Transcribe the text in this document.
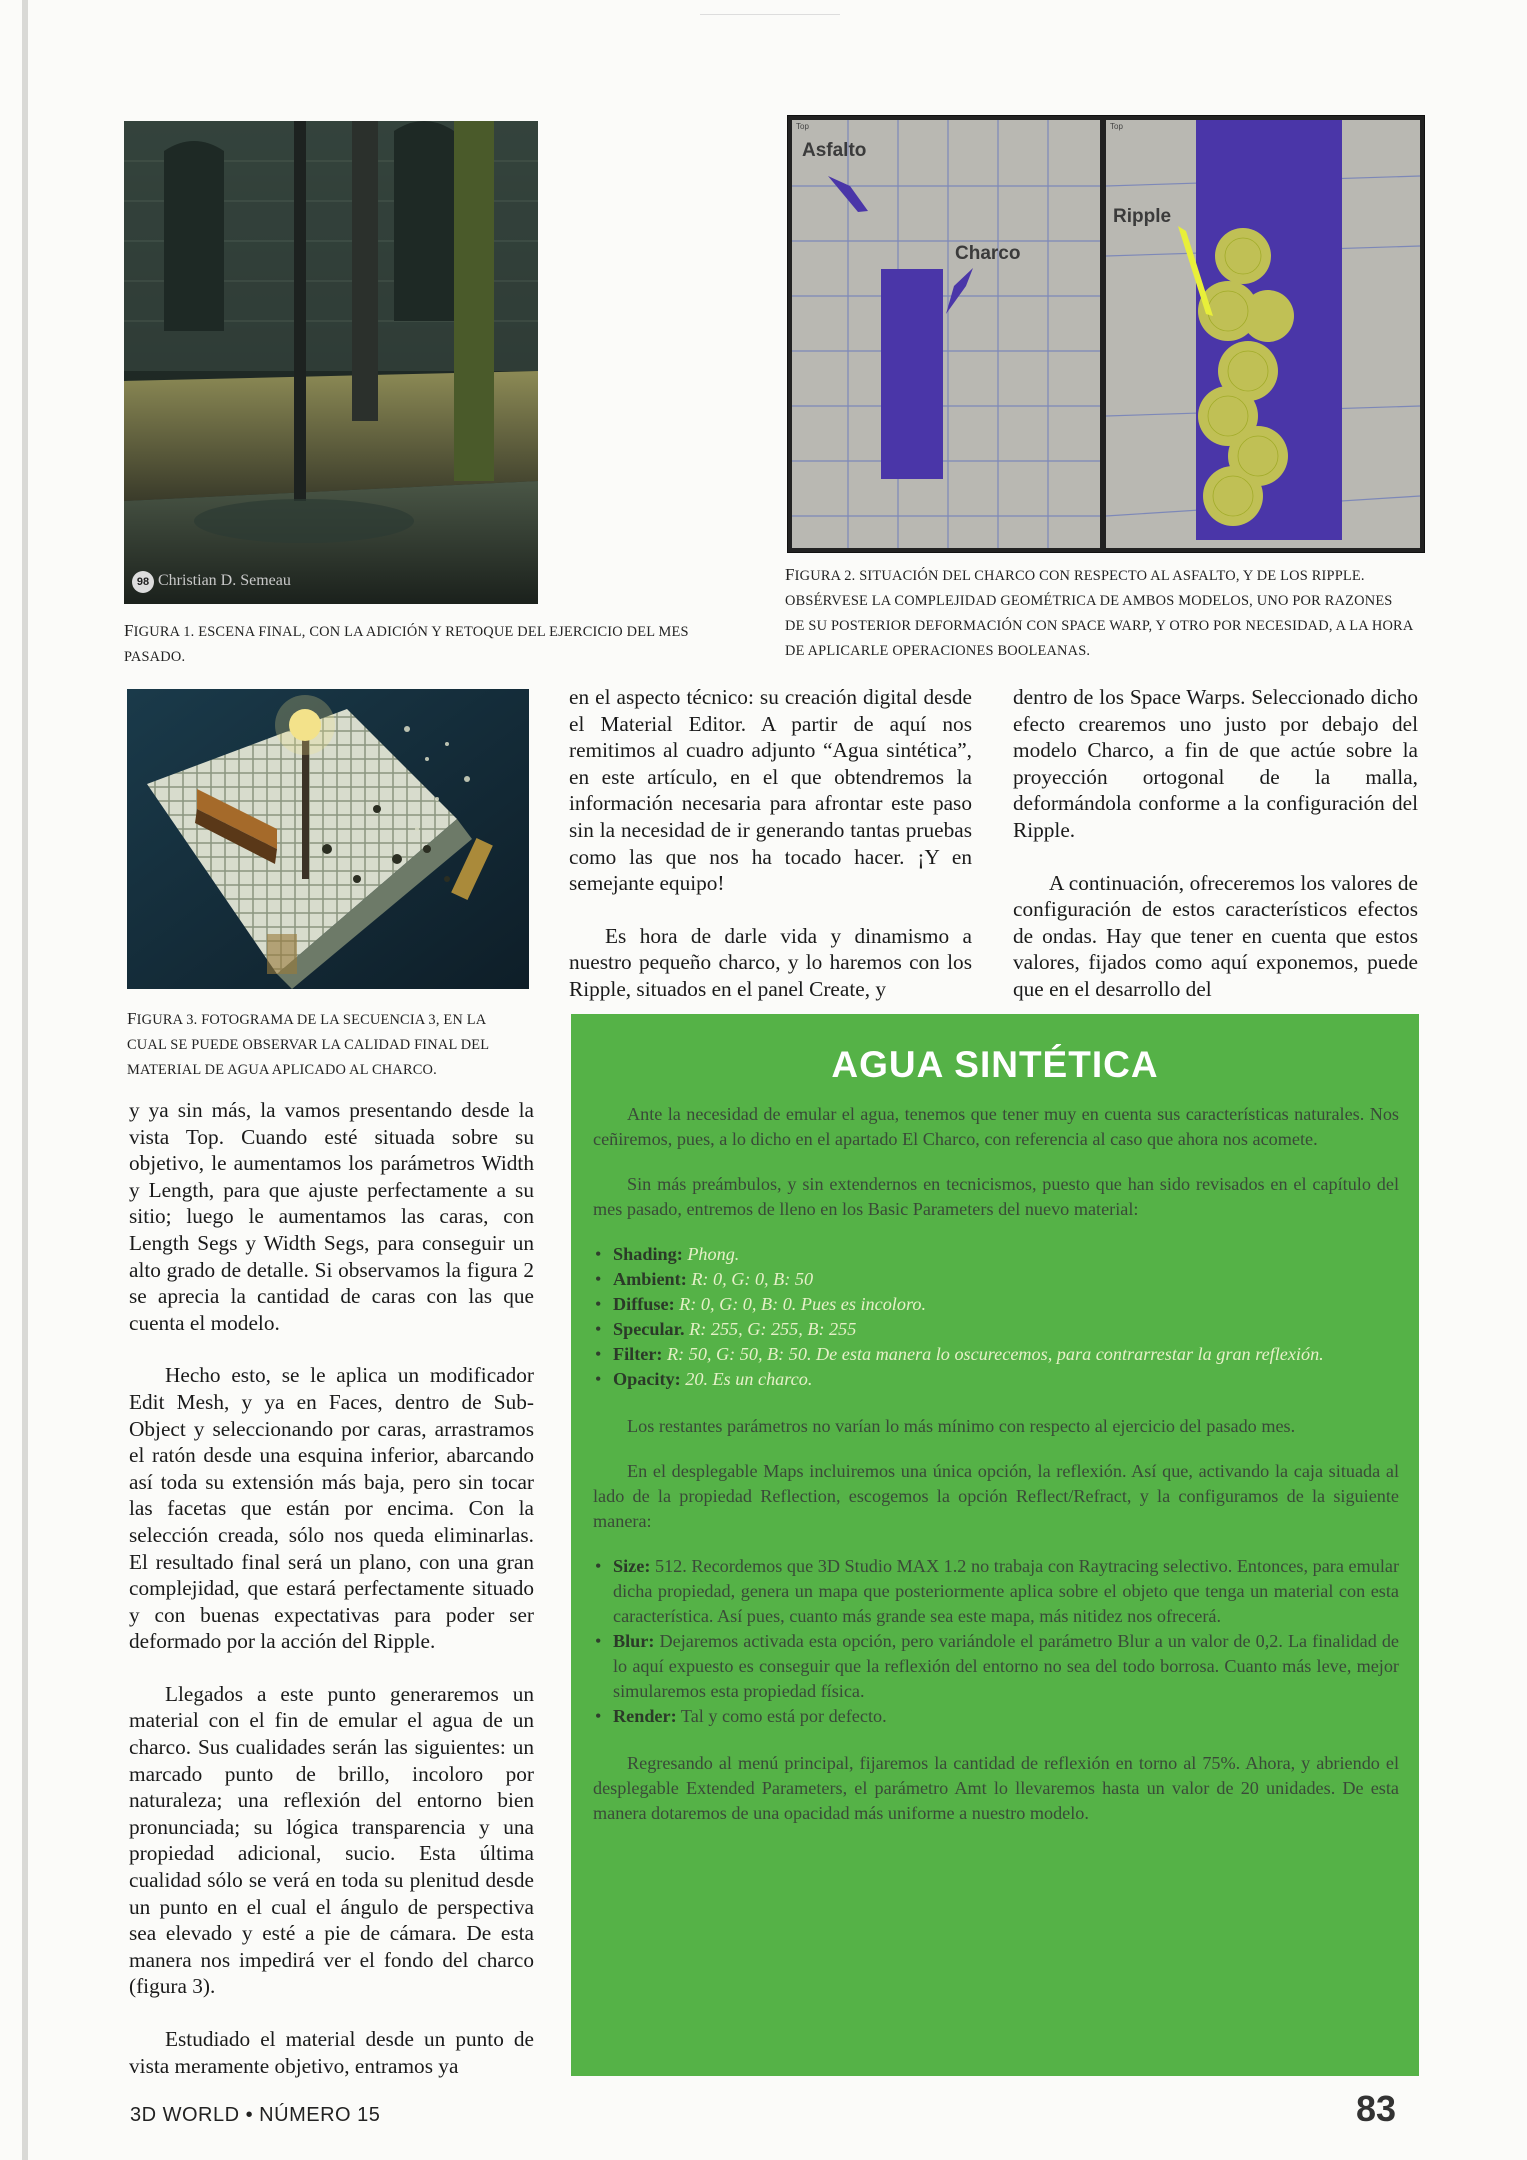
98 Christian D. Semeau
FIGURA 1. ESCENA FINAL, CON LA ADICIÓN Y RETOQUE DEL EJERCICIO DEL MES PASADO.
Asfalto
Charco
Ripple
Top	Top
FIGURA 2. SITUACIÓN DEL CHARCO CON RESPECTO AL ASFALTO, Y DE LOS RIPPLE. OBSÉRVESE LA COMPLEJIDAD GEOMÉTRICA DE AMBOS MODELOS, UNO POR RAZONES DE SU POSTERIOR DEFORMACIÓN CON SPACE WARP, Y OTRO POR NECESIDAD, A LA HORA DE APLICARLE OPERACIONES BOOLEANAS.
FIGURA 3. FOTOGRAMA DE LA SECUENCIA 3, EN LA CUAL SE PUEDE OBSERVAR LA CALIDAD FINAL DEL MATERIAL DE AGUA APLICADO AL CHARCO.

y ya sin más, la vamos presentando desde la vista Top. Cuando esté situada sobre su objetivo, le aumentamos los parámetros Width y Length, para que ajuste perfectamente a su sitio; luego le aumentamos las caras, con Length Segs y Width Segs, para conseguir un alto grado de detalle. Si observamos la figura 2 se aprecia la cantidad de caras con las que cuenta el modelo.

Hecho esto, se le aplica un modificador Edit Mesh, y ya en Faces, dentro de Sub-Object y seleccionando por caras, arrastramos el ratón desde una esquina inferior, abarcando así toda su extensión más baja, pero sin tocar las facetas que están por encima. Con la selección creada, sólo nos queda eliminarlas. El resultado final será un plano, con una gran complejidad, que estará perfectamente situado y con buenas expectativas para poder ser deformado por la acción del Ripple.

Llegados a este punto generaremos un material con el fin de emular el agua de un charco. Sus cualidades serán las siguientes: un marcado punto de brillo, incoloro por naturaleza; una reflexión del entorno bien pronunciada; su lógica transparencia y una propiedad adicional, sucio. Esta última cualidad sólo se verá en toda su plenitud desde un punto en el cual el ángulo de perspectiva sea elevado y esté a pie de cámara. De esta manera nos impedirá ver el fondo del charco (figura 3).

Estudiado el material desde un punto de vista meramente objetivo, entramos ya

en el aspecto técnico: su creación digital desde el Material Editor. A partir de aquí nos remitimos al cuadro adjunto “Agua sintética”, en este artículo, en el que obtendremos la información necesaria para afrontar este paso sin la necesidad de ir generando tantas pruebas como las que nos ha tocado hacer. ¡Y en semejante equipo!

Es hora de darle vida y dinamismo a nuestro pequeño charco, y lo haremos con los Ripple, situados en el panel Create, y

dentro de los Space Warps. Seleccionado dicho efecto crearemos uno justo por debajo del modelo Charco, a fin de que actúe sobre la proyección ortogonal de la malla, deformándola conforme a la configuración del Ripple.

A continuación, ofreceremos los valores de configuración de estos característicos efectos de ondas. Hay que tener en cuenta que estos valores, fijados como aquí exponemos, puede que en el desarrollo del

AGUA SINTÉTICA

Ante la necesidad de emular el agua, tenemos que tener muy en cuenta sus características naturales. Nos ceñiremos, pues, a lo dicho en el apartado El Charco, con referencia al caso que ahora nos acomete.

Sin más preámbulos, y sin extendernos en tecnicismos, puesto que han sido revisados en el capítulo del mes pasado, entremos de lleno en los Basic Parameters del nuevo material:

• Shading: Phong.
• Ambient: R: 0, G: 0, B: 50
• Diffuse: R: 0, G: 0, B: 0. Pues es incoloro.
• Specular. R: 255, G: 255, B: 255
• Filter: R: 50, G: 50, B: 50. De esta manera lo oscurecemos, para contrarrestar la gran reflexión.
• Opacity: 20. Es un charco.

Los restantes parámetros no varían lo más mínimo con respecto al ejercicio del pasado mes.

En el desplegable Maps incluiremos una única opción, la reflexión. Así que, activando la caja situada al lado de la propiedad Reflection, escogemos la opción Reflect/Refract, y la configuramos de la siguiente manera:

• Size: 512. Recordemos que 3D Studio MAX 1.2 no trabaja con Raytracing selectivo. Entonces, para emular dicha propiedad, genera un mapa que posteriormente aplica sobre el objeto que tenga un material con esta característica. Así pues, cuanto más grande sea este mapa, más nitidez nos ofrecerá.
• Blur: Dejaremos activada esta opción, pero variándole el parámetro Blur a un valor de 0,2. La finalidad de lo aquí expuesto es conseguir que la reflexión del entorno no sea del todo borrosa. Cuanto más leve, mejor simularemos esta propiedad física.
• Render: Tal y como está por defecto.

Regresando al menú principal, fijaremos la cantidad de reflexión en torno al 75%. Ahora, y abriendo el desplegable Extended Parameters, el parámetro Amt lo llevaremos hasta un valor de 20 unidades. De esta manera dotaremos de una opacidad más uniforme a nuestro modelo.

3D WORLD • NÚMERO 15	83
